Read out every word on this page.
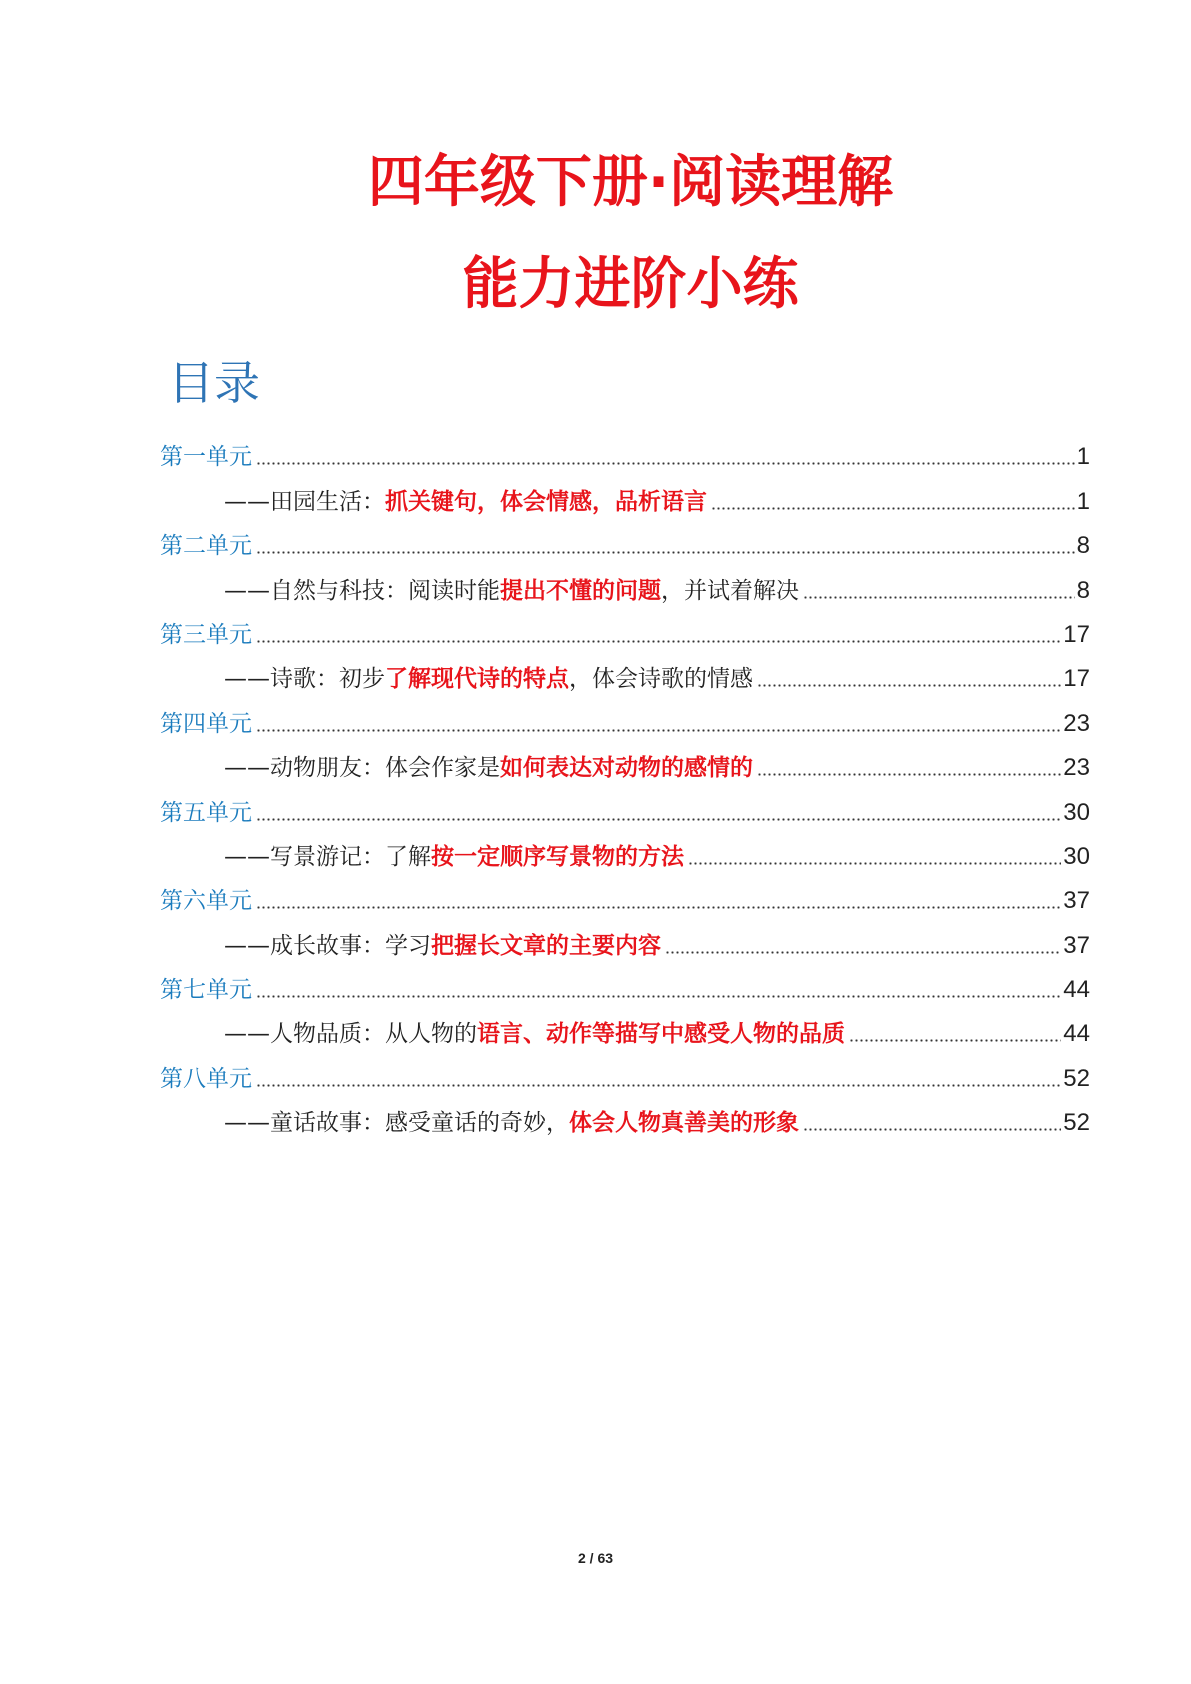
四年级下册·阅读理解
能力进阶小练
目录
第一单元	1
——田园生活： 抓关键句，体会情感，品析语言	1
第二单元	8
——自然与科技：阅读时能 提出不懂的问题 ，并试着解决	8
第三单元	17
——诗歌：初步 了解现代诗的特点 ，体会诗歌的情感	17
第四单元	23
——动物朋友：体会作家是 如何表达对动物的感情的	23
第五单元	30
——写景游记：了解 按一定顺序写景物的方法	30
第六单元	37
——成长故事：学习 把握长文章的主要内容	37
第七单元	44
——人物品质：从人物的 语言、动作等描写中感受人物的品质	44
第八单元	52
——童话故事：感受童话的奇妙， 体会人物真善美的形象	52
2 / 63
